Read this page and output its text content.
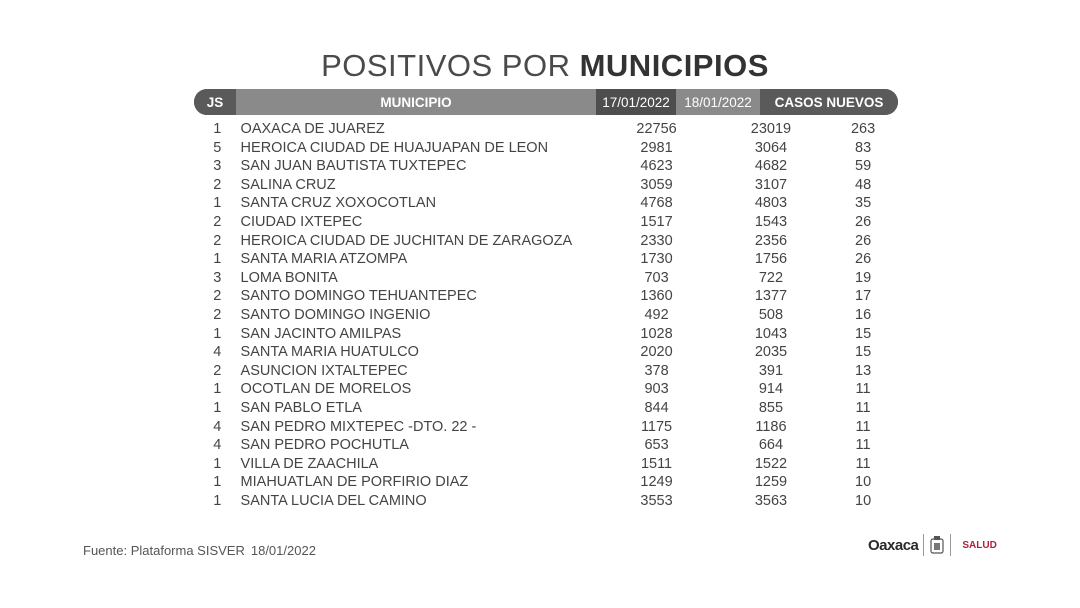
POSITIVOS POR MUNICIPIOS
JS	MUNICIPIO	17/01/2022	18/01/2022	CASOS NUEVOS
1	OAXACA DE JUAREZ	22756	23019	263
5	HEROICA CIUDAD DE HUAJUAPAN DE LEON	2981	3064	83
3	SAN JUAN BAUTISTA TUXTEPEC	4623	4682	59
2	SALINA CRUZ	3059	3107	48
1	SANTA CRUZ XOXOCOTLAN	4768	4803	35
2	CIUDAD IXTEPEC	1517	1543	26
2	HEROICA CIUDAD DE JUCHITAN DE ZARAGOZA	2330	2356	26
1	SANTA MARIA ATZOMPA	1730	1756	26
3	LOMA BONITA	703	722	19
2	SANTO DOMINGO TEHUANTEPEC	1360	1377	17
2	SANTO DOMINGO INGENIO	492	508	16
1	SAN JACINTO AMILPAS	1028	1043	15
4	SANTA MARIA HUATULCO	2020	2035	15
2	ASUNCION IXTALTEPEC	378	391	13
1	OCOTLAN DE MORELOS	903	914	11
1	SAN PABLO ETLA	844	855	11
4	SAN PEDRO MIXTEPEC -DTO. 22 -	1175	1186	11
4	SAN PEDRO POCHUTLA	653	664	11
1	VILLA DE ZAACHILA	1511	1522	11
1	MIAHUATLAN DE PORFIRIO DIAZ	1249	1259	10
1	SANTA LUCIA DEL CAMINO	3553	3563	10
Fuente: Plataforma SISVER 18/01/2022	Oaxaca	SALUD
